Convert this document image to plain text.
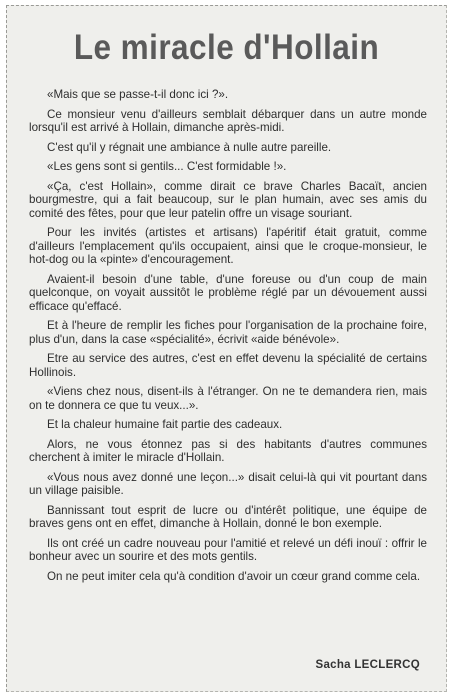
Le miracle d'Hollain

«Mais que se passe-t-il donc ici ?».

Ce monsieur venu d'ailleurs semblait débarquer dans un autre monde lorsqu'il est arrivé à Hollain, dimanche après-midi.

C'est qu'il y régnait une ambiance à nulle autre pareille.

«Les gens sont si gentils... C'est formidable !».

«Ça, c'est Hollain», comme dirait ce brave Charles Bacaït, ancien bourgmestre, qui a fait beaucoup, sur le plan humain, avec ses amis du comité des fêtes, pour que leur patelin offre un visage souriant.

Pour les invités (artistes et artisans) l'apéritif était gratuit, comme d'ailleurs l'emplacement qu'ils occupaient, ainsi que le croque-monsieur, le hot-dog ou la «pinte» d'encouragement.

Avaient-il besoin d'une table, d'une foreuse ou d'un coup de main quelconque, on voyait aussitôt le problème réglé par un dévouement aussi efficace qu'effacé.

Et à l'heure de remplir les fiches pour l'organisation de la prochaine foire, plus d'un, dans la case «spécialité», écrivit «aide bénévole».

Etre au service des autres, c'est en effet devenu la spécialité de certains Hollinois.

«Viens chez nous, disent-ils à l'étranger. On ne te demandera rien, mais on te donnera ce que tu veux...».

Et la chaleur humaine fait partie des cadeaux.

Alors, ne vous étonnez pas si des habitants d'autres communes cherchent à imiter le miracle d'Hollain.

«Vous nous avez donné une leçon...» disait celui-là qui vit pourtant dans un village paisible.

Bannissant tout esprit de lucre ou d'intérêt politique, une équipe de braves gens ont en effet, dimanche à Hollain, donné le bon exemple.

Ils ont créé un cadre nouveau pour l'amitié et relevé un défi inouï : offrir le bonheur avec un sourire et des mots gentils.

On ne peut imiter cela qu'à condition d'avoir un cœur grand comme cela.

Sacha LECLERCQ
